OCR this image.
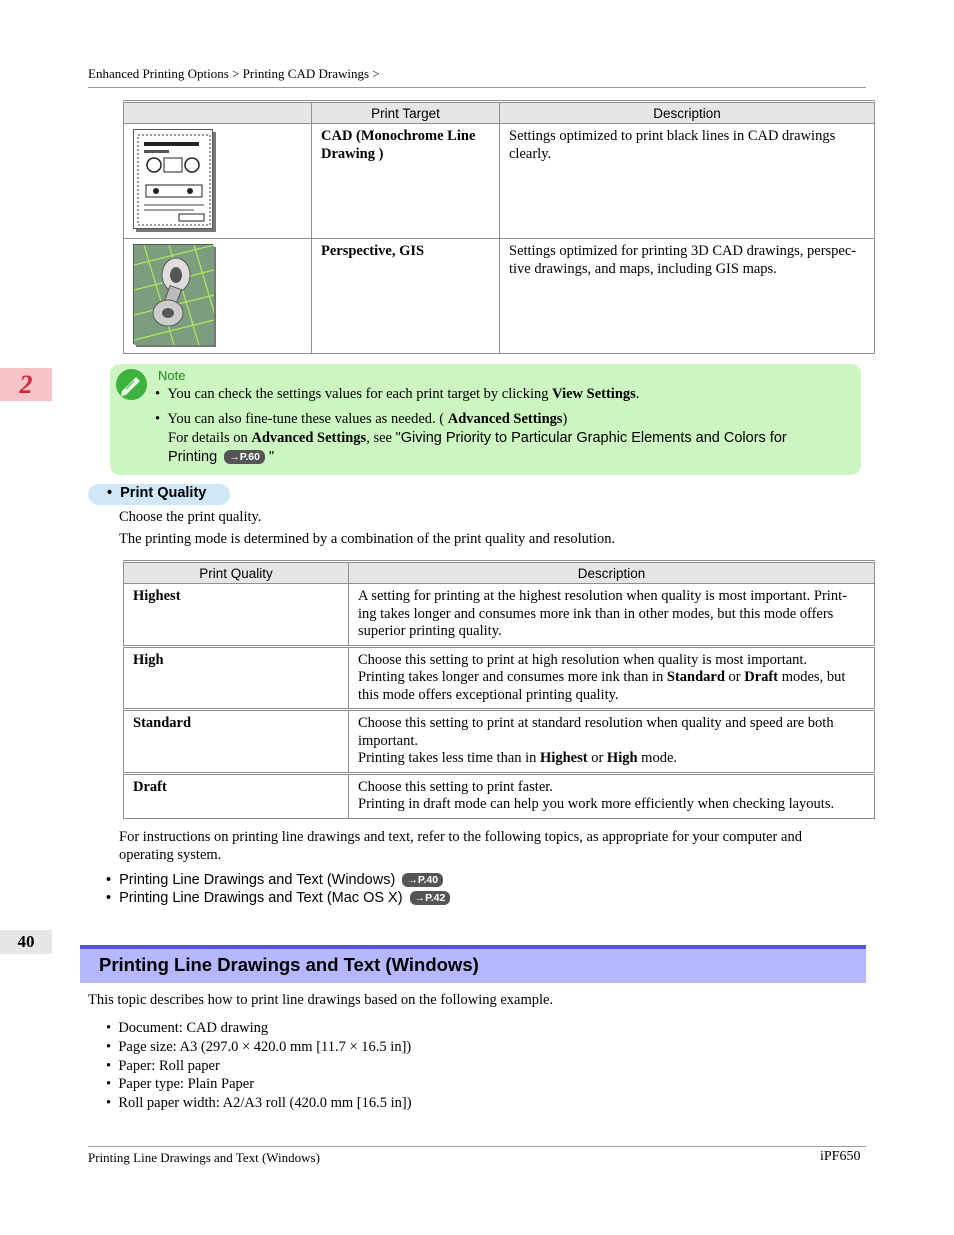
Enhanced Printing Options > Printing CAD Drawings >
	Print Target	Description

	CAD (Monochrome Line Drawing )	Settings optimized to print black lines in CAD drawings clearly.

	Perspective, GIS	Settings optimized for printing 3D CAD drawings, perspec-tive drawings, and maps, including GIS maps.
2	Note
• You can check the settings values for each print target by clicking View Settings.
• You can also fine-tune these values as needed. ( Advanced Settings)
For details on Advanced Settings, see "Giving Priority to Particular Graphic Elements and Colors for
Printing →P.60 "
•  Print Quality
Choose the print quality.
The printing mode is determined by a combination of the print quality and resolution.
Print Quality	Description
Highest	A setting for printing at the highest resolution when quality is most important. Print-
ing takes longer and consumes more ink than in other modes, but this mode offers
superior printing quality.

High	Choose this setting to print at high resolution when quality is most important.
Printing takes longer and consumes more ink than in Standard or Draft modes, but
this mode offers exceptional printing quality.

Standard	Choose this setting to print at standard resolution when quality and speed are both
important.
Printing takes less time than in Highest or High mode.

Draft	Choose this setting to print faster.
Printing in draft mode can help you work more efficiently when checking layouts.
For instructions on printing line drawings and text, refer to the following topics, as appropriate for your computer and
operating system.
•  Printing Line Drawings and Text (Windows) →P.40
•  Printing Line Drawings and Text (Mac OS X) →P.42
40
Printing Line Drawings and Text (Windows)
This topic describes how to print line drawings based on the following example.
•  Document: CAD drawing
•  Page size: A3 (297.0 × 420.0 mm [11.7 × 16.5 in])
•  Paper: Roll paper
•  Paper type: Plain Paper
•  Roll paper width: A2/A3 roll (420.0 mm [16.5 in])
Printing Line Drawings and Text (Windows)	iPF650
